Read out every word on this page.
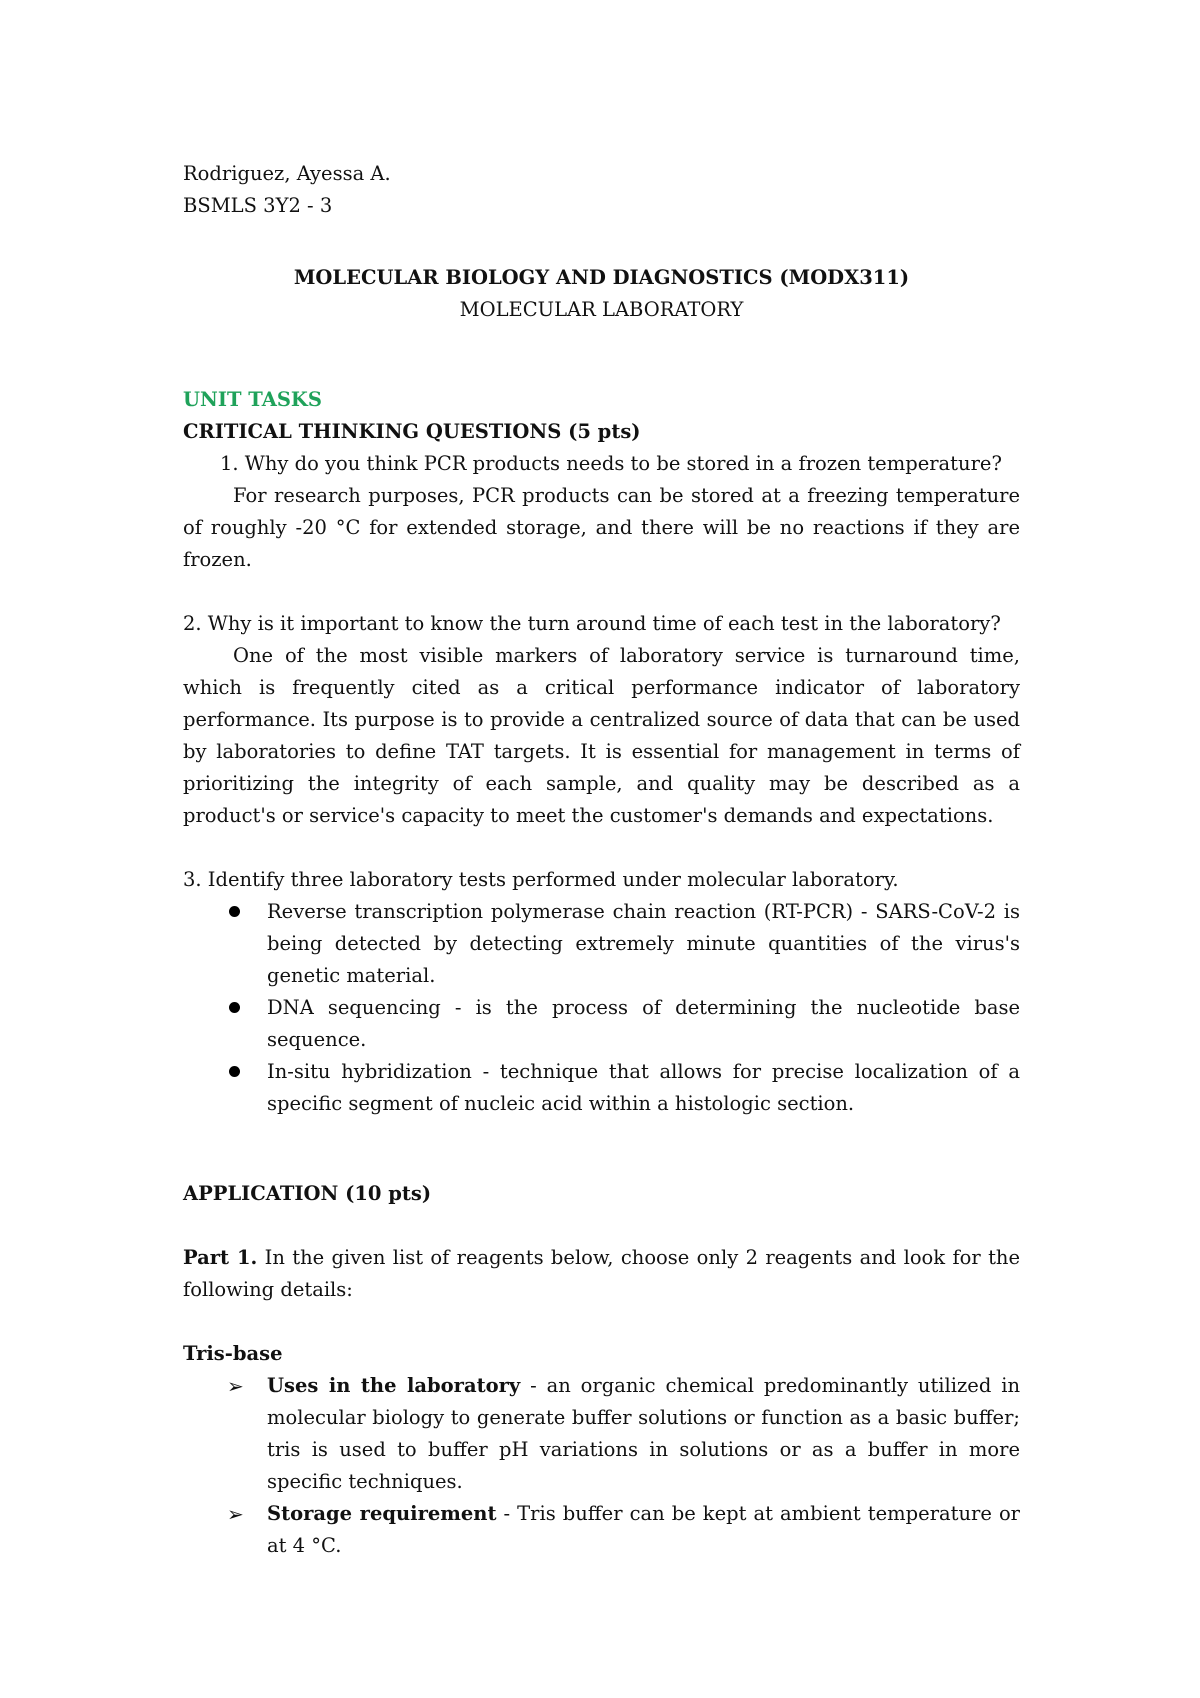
Rodriguez, Ayessa A.

BSMLS 3Y2 - 3

MOLECULAR BIOLOGY AND DIAGNOSTICS (MODX311)

MOLECULAR LABORATORY

UNIT TASKS

CRITICAL THINKING QUESTIONS (5 pts)

1. Why do you think PCR products needs to be stored in a frozen temperature?

For research purposes, PCR products can be stored at a freezing temperature of roughly -20 °C for extended storage, and there will be no reactions if they are frozen.

2. Why is it important to know the turn around time of each test in the laboratory?

One of the most visible markers of laboratory service is turnaround time, which is frequently cited as a critical performance indicator of laboratory performance. Its purpose is to provide a centralized source of data that can be used by laboratories to define TAT targets. It is essential for management in terms of prioritizing the integrity of each sample, and quality may be described as a product's or service's capacity to meet the customer's demands and expectations.

3. Identify three laboratory tests performed under molecular laboratory.

Reverse transcription polymerase chain reaction (RT-PCR) - SARS-CoV-2 is being detected by detecting extremely minute quantities of the virus's genetic material.
DNA sequencing - is the process of determining the nucleotide base sequence.
In-situ hybridization - technique that allows for precise localization of a specific segment of nucleic acid within a histologic section.

APPLICATION (10 pts)

Part 1. In the given list of reagents below, choose only 2 reagents and look for the following details:

Tris-base

➢ Uses in the laboratory - an organic chemical predominantly utilized in molecular biology to generate buffer solutions or function as a basic buffer; tris is used to buffer pH variations in solutions or as a buffer in more specific techniques.
➢ Storage requirement - Tris buffer can be kept at ambient temperature or at 4 °C.
